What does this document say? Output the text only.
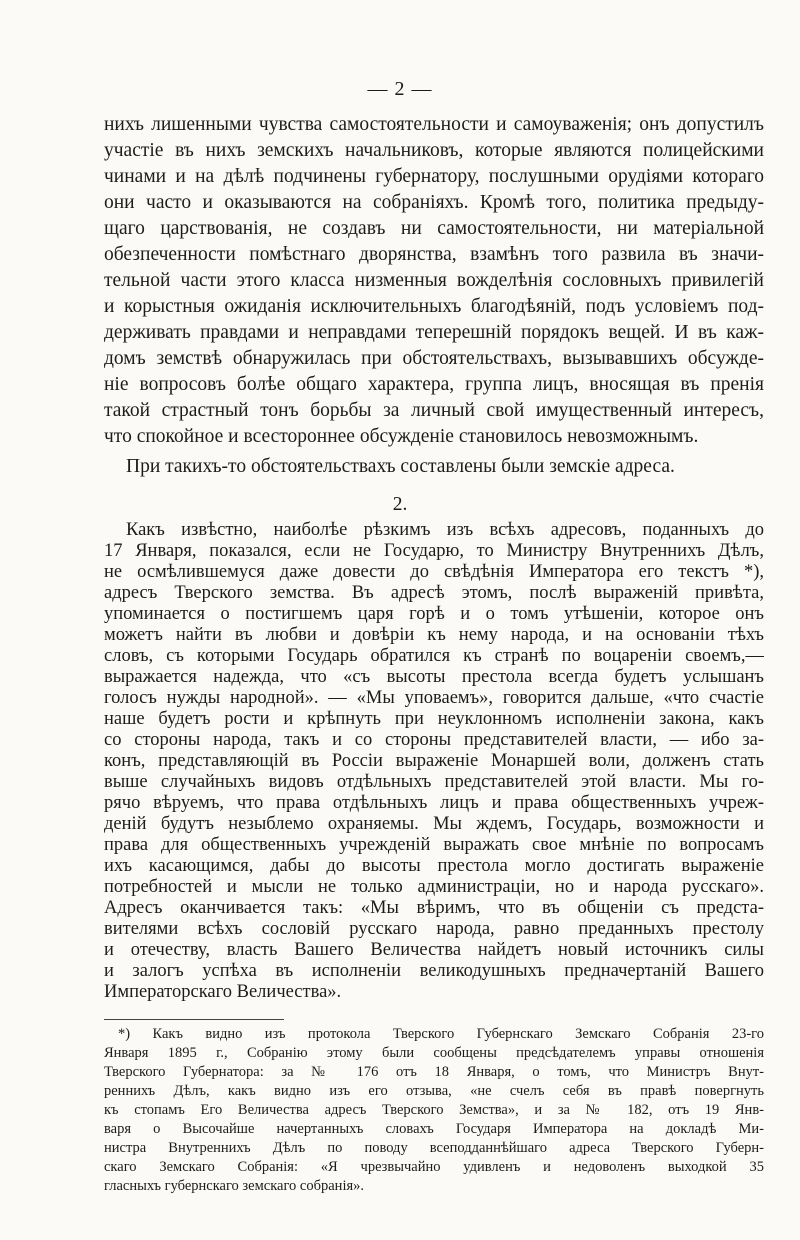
— 2 —
нихъ лишенными чувства самостоятельности и самоуваженія; онъ допустилъ
участіе въ нихъ земскихъ начальниковъ, которые являются полицейскими
чинами и на дѣлѣ подчинены губернатору, послушными орудіями котораго
они часто и оказываются на собраніяхъ. Кромѣ того, политика предыду-
щаго царствованія, не создавъ ни самостоятельности, ни матеріальной
обезпеченности помѣстнаго дворянства, взамѣнъ того развила въ значи-
тельной части этого класса низменныя вожделѣнія сословныхъ привилегій
и корыстныя ожиданія исключительныхъ благодѣяній, подъ условіемъ под-
держивать правдами и неправдами теперешній порядокъ вещей. И въ каж-
домъ земствѣ обнаружилась при обстоятельствахъ, вызывавшихъ обсужде-
ніе вопросовъ болѣе общаго характера, группа лицъ, вносящая въ пренія
такой страстный тонъ борьбы за личный свой имущественный интересъ,
что спокойное и всестороннее обсужденіе становилось невозможнымъ.
При такихъ-то обстоятельствахъ составлены были земскіе адреса.
2.
Какъ извѣстно, наиболѣе рѣзкимъ изъ всѣхъ адресовъ, поданныхъ до
17 Января, показался, если не Государю, то Министру Внутреннихъ Дѣлъ,
не осмѣлившемуся даже довести до свѣдѣнія Императора его текстъ *),
адресъ Тверского земства. Въ адресѣ этомъ, послѣ выраженій привѣта,
упоминается о постигшемъ царя горѣ и о томъ утѣшеніи, которое онъ
можетъ найти въ любви и довѣріи къ нему народа, и на основаніи тѣхъ
словъ, съ которыми Государь обратился къ странѣ по воцареніи своемъ,—
выражается надежда, что «съ высоты престола всегда будетъ услышанъ
голосъ нужды народной». — «Мы уповаемъ», говорится дальше, «что счастіе
наше будетъ рости и крѣпнуть при неуклонномъ исполненіи закона, какъ
со стороны народа, такъ и со стороны представителей власти, — ибо за-
конъ, представляющій въ Россіи выраженіе Монаршей воли, долженъ стать
выше случайныхъ видовъ отдѣльныхъ представителей этой власти. Мы го-
рячо вѣруемъ, что права отдѣльныхъ лицъ и права общественныхъ учреж-
деній будутъ незыблемо охраняемы. Мы ждемъ, Государь, возможности и
права для общественныхъ учрежденій выражать свое мнѣніе по вопросамъ
ихъ касающимся, дабы до высоты престола могло достигать выраженіе
потребностей и мысли не только администраціи, но и народа русскаго».
Адресъ оканчивается такъ: «Мы вѣримъ, что въ общеніи съ предста-
вителями всѣхъ сословій русскаго народа, равно преданныхъ престолу
и отечеству, власть Вашего Величества найдетъ новый источникъ силы
и залогъ успѣха въ исполненіи великодушныхъ предначертаній Вашего
Императорскаго Величества».
*) Какъ видно изъ протокола Тверского Губернскаго Земскаго Собранія 23-го
Января 1895 г., Собранію этому были сообщены предсѣдателемъ управы отношенія
Тверского Губернатора: за № 176 отъ 18 Января, о томъ, что Министръ Внут-
реннихъ Дѣлъ, какъ видно изъ его отзыва, «не счелъ себя въ правѣ повергнуть
къ стопамъ Его Величества адресъ Тверского Земства», и за № 182, отъ 19 Янв-
варя о Высочайше начертанныхъ словахъ Государя Императора на докладѣ Ми-
нистра Внутреннихъ Дѣлъ по поводу всеподданнѣйшаго адреса Тверского Губерн-
скаго Земскаго Собранія: «Я чрезвычайно удивленъ и недоволенъ выходкой 35
гласныхъ губернскаго земскаго собранія».
